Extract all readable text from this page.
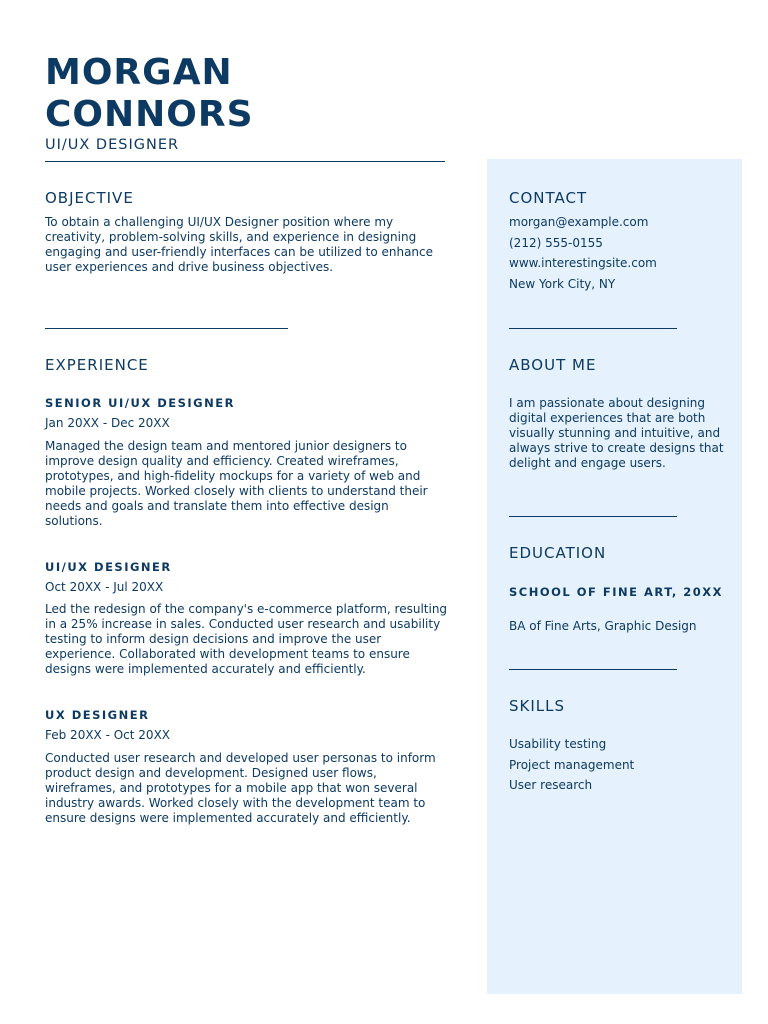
MORGAN CONNORS
UI/UX DESIGNER
OBJECTIVE

To obtain a challenging UI/UX Designer position where my creativity, problem-solving skills, and experience in designing engaging and user-friendly interfaces can be utilized to enhance user experiences and drive business objectives.

EXPERIENCE
SENIOR UI/UX DESIGNER
Jan 20XX - Dec 20XX

Managed the design team and mentored junior designers to improve design quality and efficiency. Created wireframes, prototypes, and high-fidelity mockups for a variety of web and mobile projects. Worked closely with clients to understand their needs and goals and translate them into effective design solutions.

UI/UX DESIGNER
Oct 20XX - Jul 20XX

Led the redesign of the company's e-commerce platform, resulting in a 25% increase in sales. Conducted user research and usability testing to inform design decisions and improve the user experience. Collaborated with development teams to ensure designs were implemented accurately and efficiently.

UX DESIGNER
Feb 20XX - Oct 20XX

Conducted user research and developed user personas to inform product design and development. Designed user flows, wireframes, and prototypes for a mobile app that won several industry awards. Worked closely with the development team to ensure designs were implemented accurately and efficiently.

CONTACT
morgan@example.com
(212) 555-0155
www.interestingsite.com
New York City, NY
ABOUT ME

I am passionate about designing digital experiences that are both visually stunning and intuitive, and always strive to create designs that delight and engage users.

EDUCATION
SCHOOL OF FINE ART, 20XX
BA of Fine Arts, Graphic Design
SKILLS
Usability testing
Project management
User research
